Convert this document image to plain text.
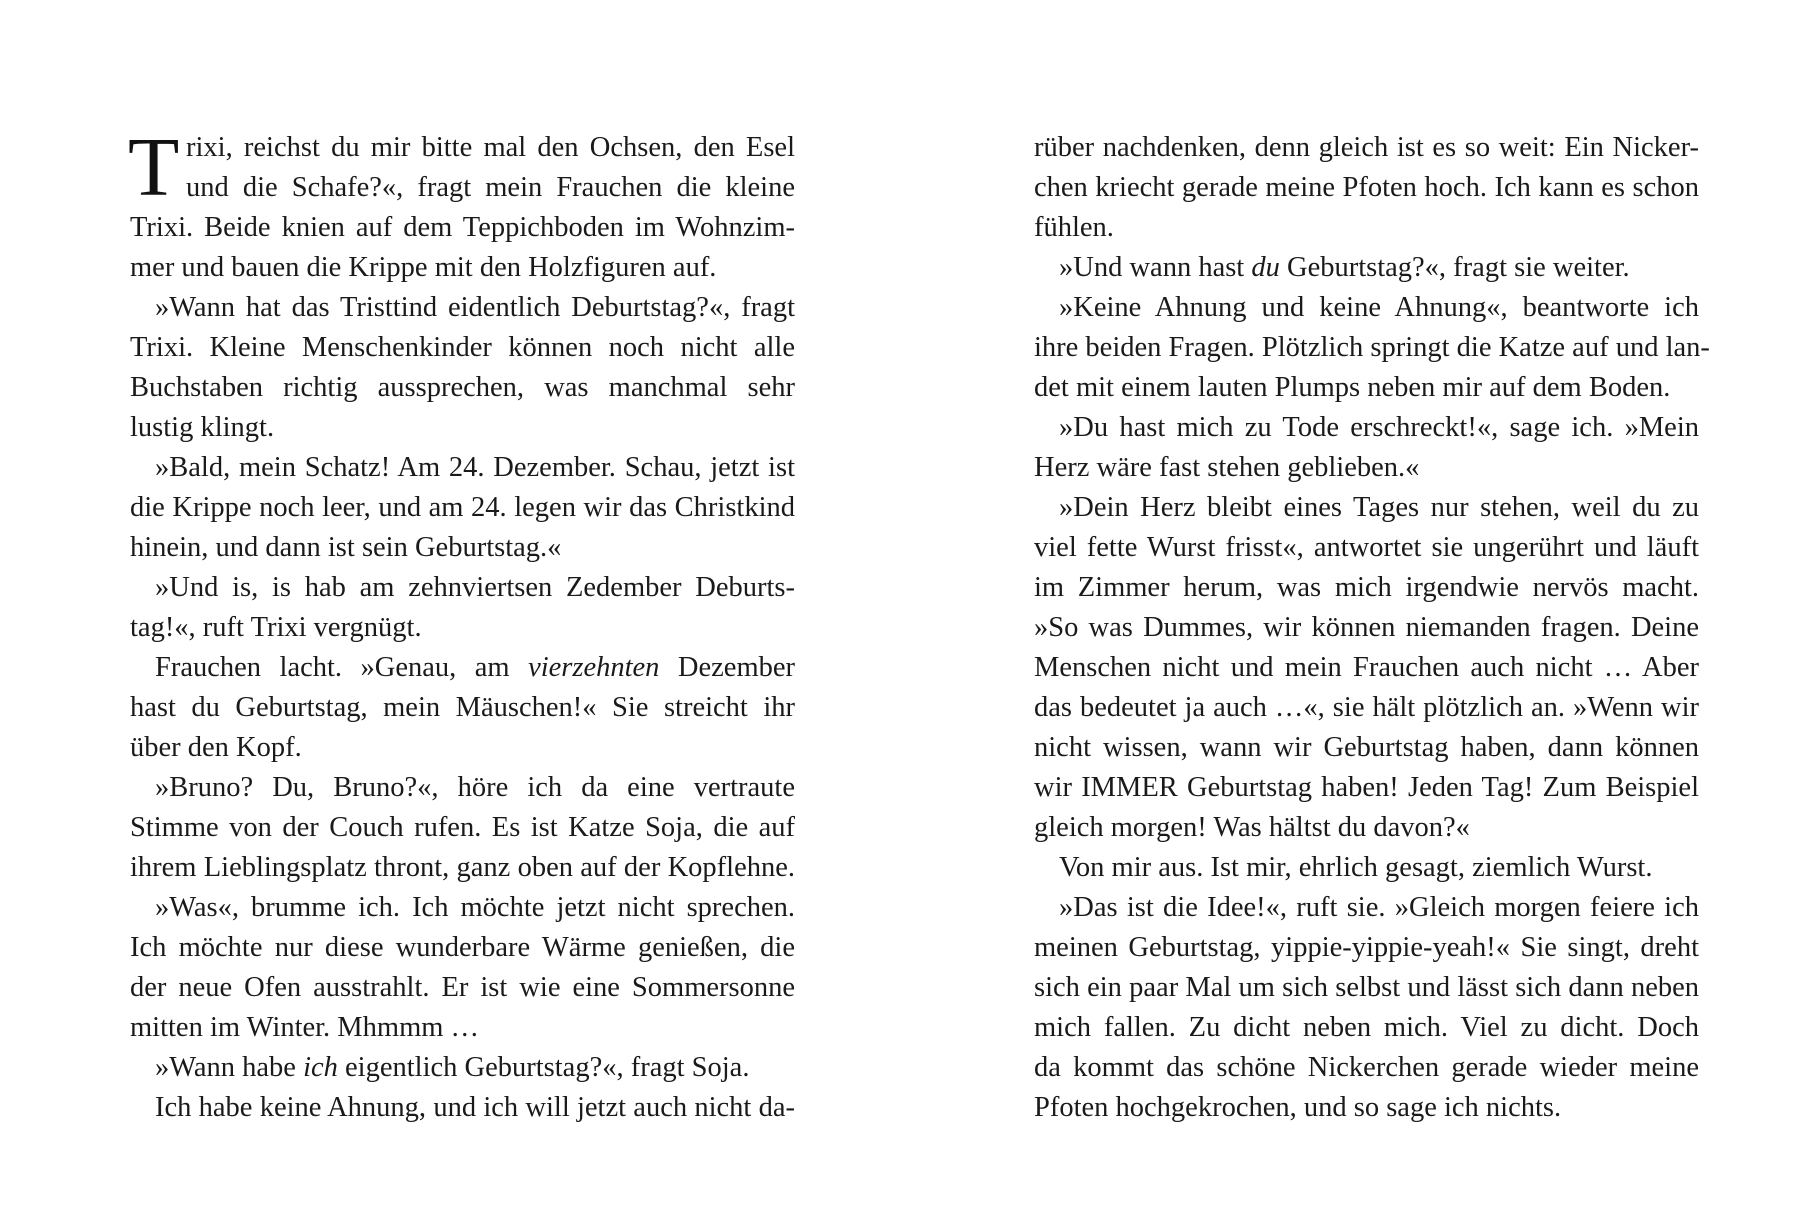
T rixi, reichst du mir bitte mal den Ochsen, den Esel
und die Schafe?«, fragt mein Frauchen die kleine
Trixi. Beide knien auf dem Teppichboden im Wohnzim-
mer und bauen die Krippe mit den Holzfiguren auf.
»Wann hat das Tristtind eidentlich Deburtstag?«, fragt
Trixi. Kleine Menschenkinder können noch nicht alle
Buchstaben richtig aussprechen, was manchmal sehr
lustig klingt.
»Bald, mein Schatz! Am 24. Dezember. Schau, jetzt ist
die Krippe noch leer, und am 24. legen wir das Christkind
hinein, und dann ist sein Geburtstag.«
»Und is, is hab am zehnviertsen Zedember Deburts-
tag!«, ruft Trixi vergnügt.
Frauchen lacht. »Genau, am vierzehnten Dezember
hast du Geburtstag, mein Mäuschen!« Sie streicht ihr
über den Kopf.
»Bruno? Du, Bruno?«, höre ich da eine vertraute
Stimme von der Couch rufen. Es ist Katze Soja, die auf
ihrem Lieblingsplatz thront, ganz oben auf der Kopflehne.
»Was«, brumme ich. Ich möchte jetzt nicht sprechen.
Ich möchte nur diese wunderbare Wärme genießen, die
der neue Ofen ausstrahlt. Er ist wie eine Sommersonne
mitten im Winter. Mhmmm …
»Wann habe ich eigentlich Geburtstag?«, fragt Soja.
Ich habe keine Ahnung, und ich will jetzt auch nicht da-
rüber nachdenken, denn gleich ist es so weit: Ein Nicker-
chen kriecht gerade meine Pfoten hoch. Ich kann es schon
fühlen.
»Und wann hast du Geburtstag?«, fragt sie weiter.
»Keine Ahnung und keine Ahnung«, beantworte ich
ihre beiden Fragen. Plötzlich springt die Katze auf und lan-
det mit einem lauten Plumps neben mir auf dem Boden.
»Du hast mich zu Tode erschreckt!«, sage ich. »Mein
Herz wäre fast stehen geblieben.«
»Dein Herz bleibt eines Tages nur stehen, weil du zu
viel fette Wurst frisst«, antwortet sie ungerührt und läuft
im Zimmer herum, was mich irgendwie nervös macht.
»So was Dummes, wir können niemanden fragen. Deine
Menschen nicht und mein Frauchen auch nicht … Aber
das bedeutet ja auch …«, sie hält plötzlich an. »Wenn wir
nicht wissen, wann wir Geburtstag haben, dann können
wir IMMER Geburtstag haben! Jeden Tag! Zum Beispiel
gleich morgen! Was hältst du davon?«
Von mir aus. Ist mir, ehrlich gesagt, ziemlich Wurst.
»Das ist die Idee!«, ruft sie. »Gleich morgen feiere ich
meinen Geburtstag, yippie-yippie-yeah!« Sie singt, dreht
sich ein paar Mal um sich selbst und lässt sich dann neben
mich fallen. Zu dicht neben mich. Viel zu dicht. Doch
da kommt das schöne Nickerchen gerade wieder meine
Pfoten hochgekrochen, und so sage ich nichts.
